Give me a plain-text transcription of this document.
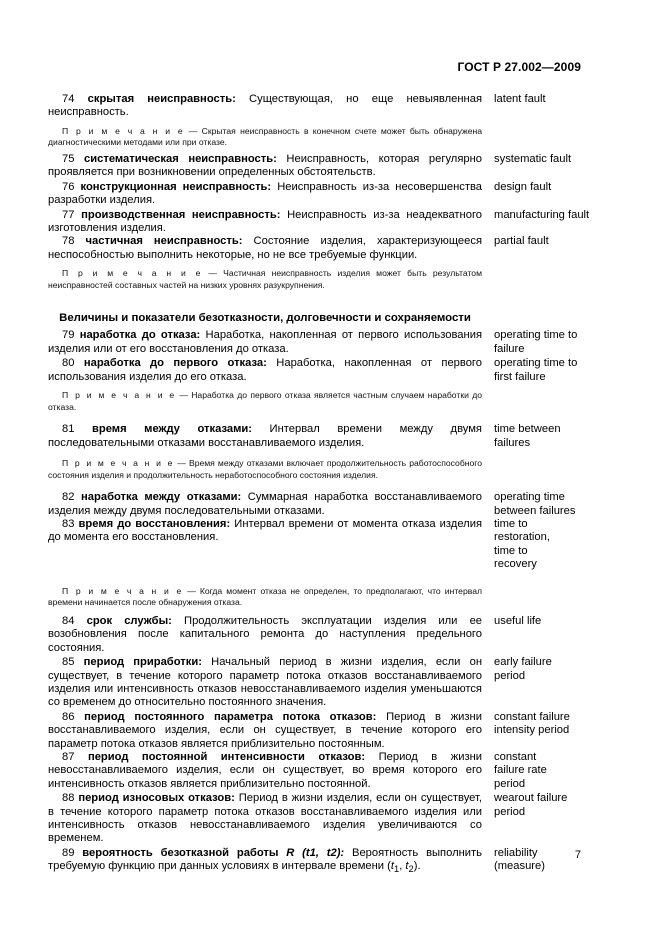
ГОСТ Р 27.002—2009
74 скрытая неисправность: Существующая, но еще невыявленная неисправность.
latent fault
П р и м е ч а н и е — Скрытая неисправность в конечном счете может быть обнаружена диагностическими методами или при отказе.
75 систематическая неисправность: Неисправность, которая регулярно проявляется при возникновении определенных обстоятельств.
systematic fault
76 конструкционная неисправность: Неисправность из-за несовершенства разработки изделия.
design fault
77 производственная неисправность: Неисправность из-за неадекватного изготовления изделия.
manufacturing fault
78 частичная неисправность: Состояние изделия, характеризующееся неспособностью выполнить некоторые, но не все требуемые функции.
partial fault
П р и м е ч а н и е — Частичная неисправность изделия может быть результатом неисправностей составных частей на низких уровнях разукрупнения.
Величины и показатели безотказности, долговечности и сохраняемости
79 наработка до отказа: Наработка, накопленная от первого использования изделия или от его восстановления до отказа.
operating time to failure
80 наработка до первого отказа: Наработка, накопленная от первого использования изделия до его отказа.
operating time to first failure
П р и м е ч а н и е — Наработка до первого отказа является частным случаем наработки до отказа.
81 время между отказами: Интервал времени между двумя последовательными отказами восстанавливаемого изделия.
time between failures
П р и м е ч а н и е — Время между отказами включает продолжительность работоспособного состояния изделия и продолжительность неработоспособного состояния изделия.
82 наработка между отказами: Суммарная наработка восстанавливаемого изделия между двумя последовательными отказами.
operating time between failures
83 время до восстановления: Интервал времени от момента отказа изделия до момента его восстановления.
time to restoration, time to recovery
П р и м е ч а н и е — Когда момент отказа не определен, то предполагают, что интервал времени начинается после обнаружения отказа.
84 срок службы: Продолжительность эксплуатации изделия или ее возобновления после капитального ремонта до наступления предельного состояния.
useful life
85 период приработки: Начальный период в жизни изделия, если он существует, в течение которого параметр потока отказов восстанавливаемого изделия или интенсивность отказов невосстанавливаемого изделия уменьшаются со временем до относительно постоянного значения.
early failure period
86 период постоянного параметра потока отказов: Период в жизни восстанавливаемого изделия, если он существует, в течение которого его параметр потока отказов является приблизительно постоянным.
constant failure intensity period
87 период постоянной интенсивности отказов: Период в жизни невосстанавливаемого изделия, если он существует, во время которого его интенсивность отказов является приблизительно постоянной.
constant failure rate period
88 период износовых отказов: Период в жизни изделия, если он существует, в течение которого параметр потока отказов восстанавливаемого изделия или интенсивность отказов невосстанавливаемого изделия увеличиваются со временем.
wearout failure period
89 вероятность безотказной работы R (t1, t2): Вероятность выполнить требуемую функцию при данных условиях в интервале времени ($t_1$, $t_2$).
reliability (measure)
7
